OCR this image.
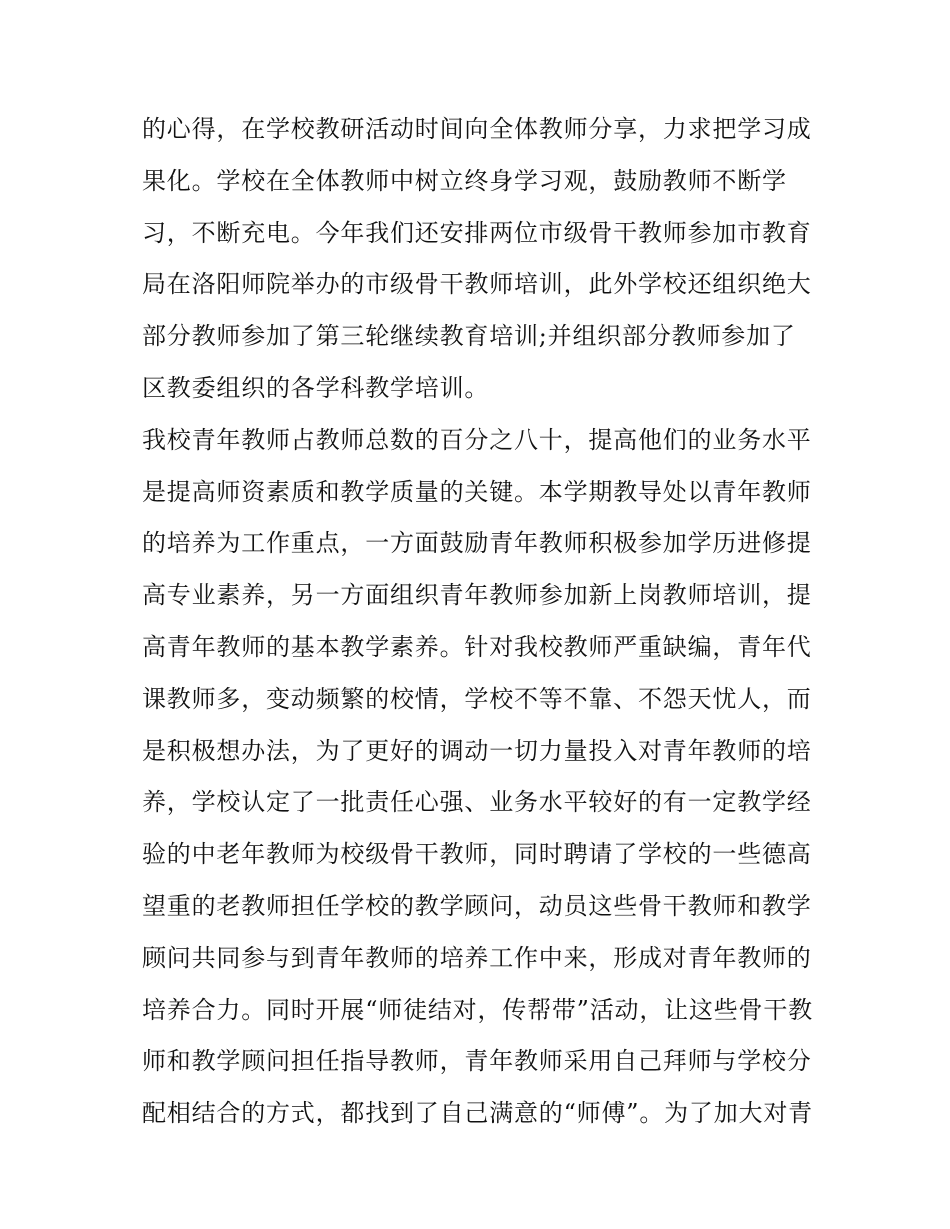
的心得，在学校教研活动时间向全体教师分享，力求把学习成
果化。学校在全体教师中树立终身学习观，鼓励教师不断学
习，不断充电。今年我们还安排两位市级骨干教师参加市教育
局在洛阳师院举办的市级骨干教师培训，此外学校还组织绝大
部分教师参加了第三轮继续教育培训;并组织部分教师参加了
区教委组织的各学科教学培训。
我校青年教师占教师总数的百分之八十，提高他们的业务水平
是提高师资素质和教学质量的关键。本学期教导处以青年教师
的培养为工作重点，一方面鼓励青年教师积极参加学历进修提
高专业素养，另一方面组织青年教师参加新上岗教师培训，提
高青年教师的基本教学素养。针对我校教师严重缺编，青年代
课教师多，变动频繁的校情，学校不等不靠、不怨天忧人，而
是积极想办法，为了更好的调动一切力量投入对青年教师的培
养，学校认定了一批责任心强、业务水平较好的有一定教学经
验的中老年教师为校级骨干教师，同时聘请了学校的一些德高
望重的老教师担任学校的教学顾问，动员这些骨干教师和教学
顾问共同参与到青年教师的培养工作中来，形成对青年教师的
培养合力。同时开展“师徒结对，传帮带”活动，让这些骨干教
师和教学顾问担任指导教师，青年教师采用自己拜师与学校分
配相结合的方式，都找到了自己满意的“师傅”。为了加大对青
